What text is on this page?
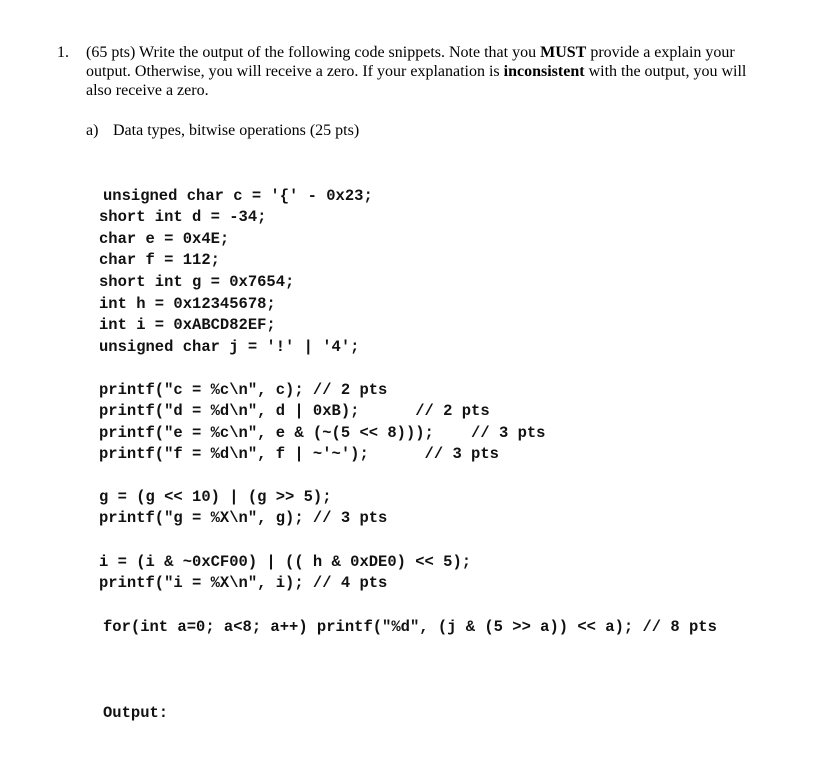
1. (65 pts) Write the output of the following code snippets. Note that you MUST provide a explain your output. Otherwise, you will receive a zero. If your explanation is inconsistent with the output, you will also receive a zero.
a) Data types, bitwise operations (25 pts)

unsigned char c = '{' - 0x23;
short int d = -34;
char e = 0x4E;
char f = 112;
short int g = 0x7654;
int h = 0x12345678;
int i = 0xABCD82EF;
unsigned char j = '!' | '4';

printf("c = %c\n", c); // 2 pts
printf("d = %d\n", d | 0xB);      // 2 pts
printf("e = %c\n", e & (~(5 << 8)));    // 3 pts
printf("f = %d\n", f | ~'~');      // 3 pts

g = (g << 10) | (g >> 5);
printf("g = %X\n", g); // 3 pts

i = (i & ~0xCF00) | (( h & 0xDE0) << 5);
printf("i = %X\n", i); // 4 pts

for(int a=0; a<8; a++) printf("%d", (j & (5 >> a)) << a); // 8 pts

Output:
